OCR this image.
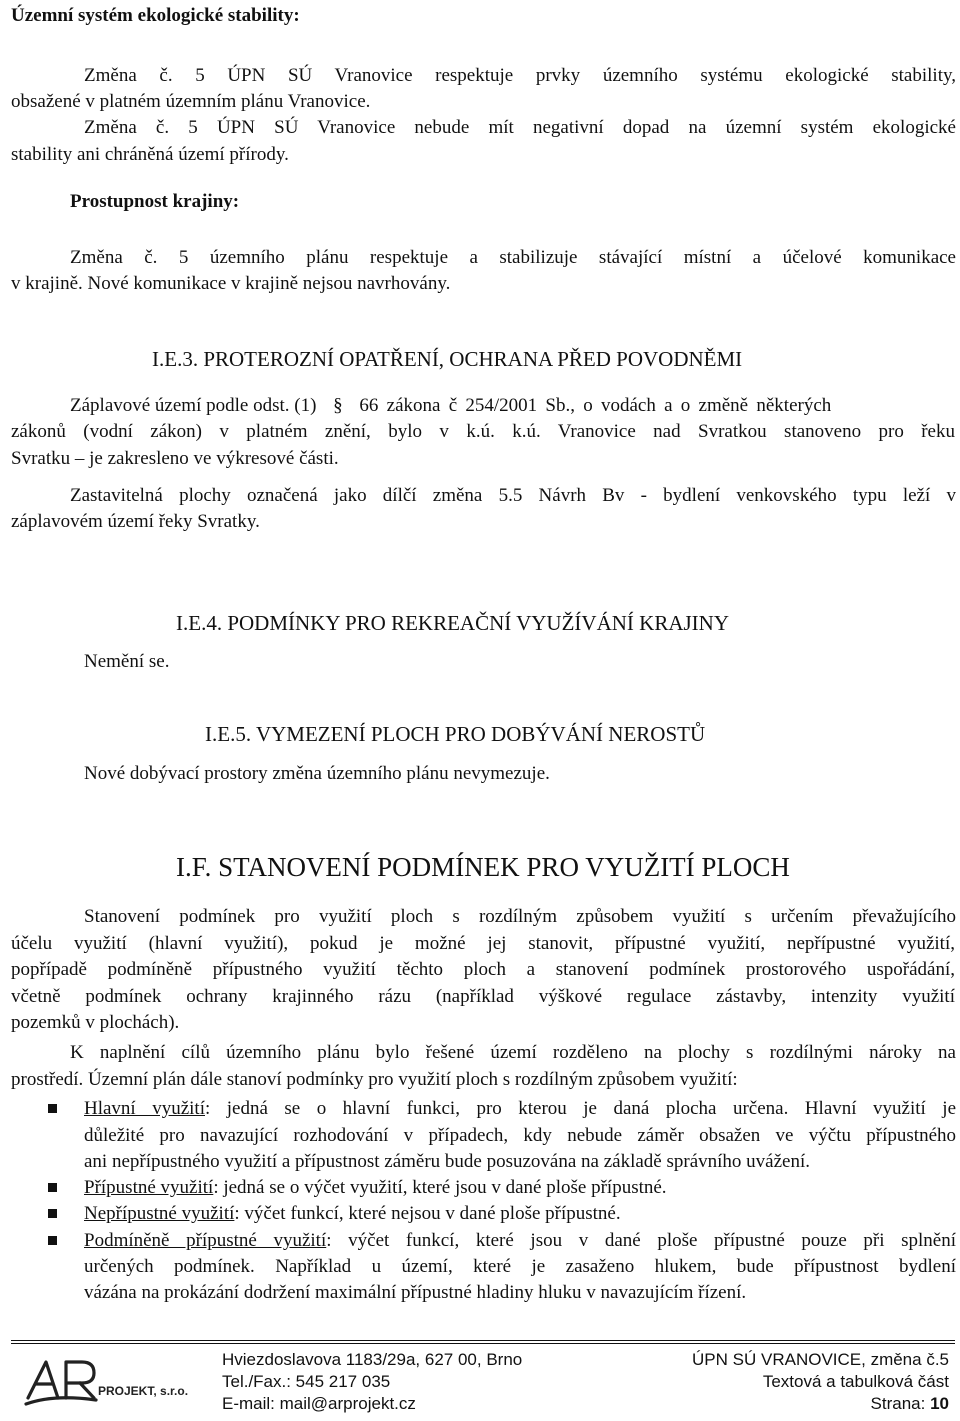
Územní systém ekologické stability:
Změna č. 5 ÚPN SÚ Vranovice respektuje prvky územního systému ekologické stability,
obsažené v platném územním plánu Vranovice.
Změna č. 5 ÚPN SÚ Vranovice nebude mít negativní dopad na územní systém ekologické
stability ani chráněná území přírody.
Prostupnost krajiny:
Změna č. 5 územního plánu respektuje a stabilizuje stávající místní a účelové komunikace
v krajině. Nové komunikace v krajině nejsou navrhovány.
I.E.3. PROTEROZNÍ OPATŘENÍ, OCHRANA PŘED POVODNĚMI
Záplavové území podle odst. (1) § 66 zákona č 254/2001 Sb., o vodách a o změně některých
zákonů (vodní zákon) v platném znění, bylo v k.ú. k.ú. Vranovice nad Svratkou stanoveno pro řeku
Svratku – je zakresleno ve výkresové části.
Zastavitelná plochy označená jako dílčí změna 5.5 Návrh Bv - bydlení venkovského typu leží v
záplavovém území řeky Svratky.
I.E.4. PODMÍNKY PRO REKREAČNÍ VYUŽÍVÁNÍ KRAJINY
Nemění se.
I.E.5. VYMEZENÍ PLOCH PRO DOBÝVÁNÍ NEROSTŮ
Nové dobývací prostory změna územního plánu nevymezuje.
I.F. STANOVENÍ PODMÍNEK PRO VYUŽITÍ PLOCH
Stanovení podmínek pro využití ploch s rozdílným způsobem využití s určením převažujícího
účelu využití (hlavní využití), pokud je možné jej stanovit, přípustné využití, nepřípustné využití,
popřípadě podmíněně přípustného využití těchto ploch a stanovení podmínek prostorového uspořádání,
včetně podmínek ochrany krajinného rázu (například výškové regulace zástavby, intenzity využití
pozemků v plochách).
K naplnění cílů územního plánu bylo řešené území rozděleno na plochy s rozdílnými nároky na
prostředí. Územní plán dále stanoví podmínky pro využití ploch s rozdílným způsobem využití:
Hlavní využití: jedná se o hlavní funkci, pro kterou je daná plocha určena. Hlavní využití je
důležité pro navazující rozhodování v případech, kdy nebude záměr obsažen ve výčtu přípustného
ani nepřípustného využití a přípustnost záměru bude posuzována na základě správního uvážení.
Přípustné využití: jedná se o výčet využití, které jsou v dané ploše přípustné.
Nepřípustné využití: výčet funkcí, které nejsou v dané ploše přípustné.
Podmíněně přípustné využití: výčet funkcí, které jsou v dané ploše přípustné pouze při splnění
určených podmínek. Například u území, které je zasaženo hlukem, bude přípustnost bydlení
vázána na prokázání dodržení maximální přípustné hladiny hluku v navazujícím řízení.
PROJEKT, s.r.o.
Hviezdoslavova 1183/29a, 627 00, Brno
Tel./Fax.: 545 217 035
E-mail: mail@arprojekt.cz
ÚPN SÚ VRANOVICE, změna č.5
Textová a tabulková část
Strana: 10
